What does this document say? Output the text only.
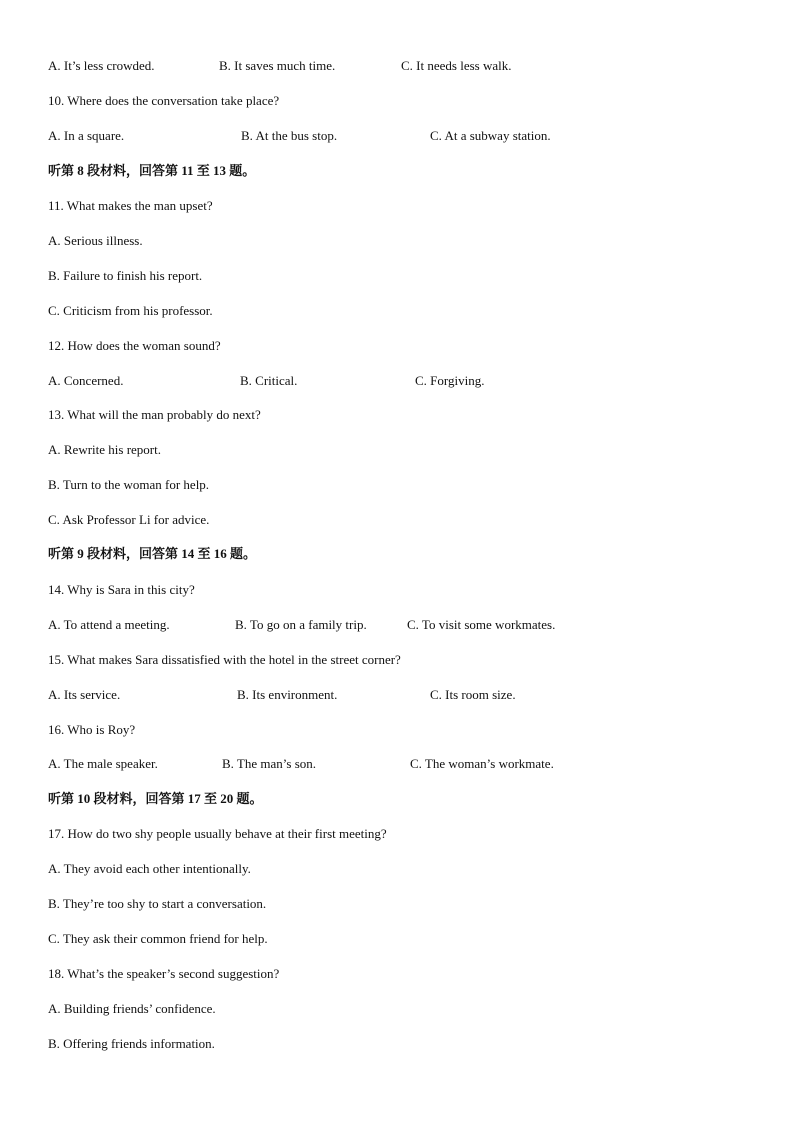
A. It’s less crowded.	B. It saves much time.	C. It needs less walk.
10. Where does the conversation take place?
A. In a square.	B. At the bus stop.	C. At a subway station.
听第 8 段材料，回答第 11 至 13 题。
11. What makes the man upset?
A. Serious illness.
B. Failure to finish his report.
C. Criticism from his professor.
12. How does the woman sound?
A. Concerned.	B. Critical.	C. Forgiving.
13. What will the man probably do next?
A. Rewrite his report.
B. Turn to the woman for help.
C. Ask Professor Li for advice.
听第 9 段材料，回答第 14 至 16 题。
14. Why is Sara in this city?
A. To attend a meeting.	B. To go on a family trip.	C. To visit some workmates.
15. What makes Sara dissatisfied with the hotel in the street corner?
A. Its service.	B. Its environment.	C. Its room size.
16. Who is Roy?
A. The male speaker.	B. The man’s son.	C. The woman’s workmate.
听第 10 段材料，回答第 17 至 20 题。
17. How do two shy people usually behave at their first meeting?
A. They avoid each other intentionally.
B. They’re too shy to start a conversation.
C. They ask their common friend for help.
18. What’s the speaker’s second suggestion?
A. Building friends’ confidence.
B. Offering friends information.
